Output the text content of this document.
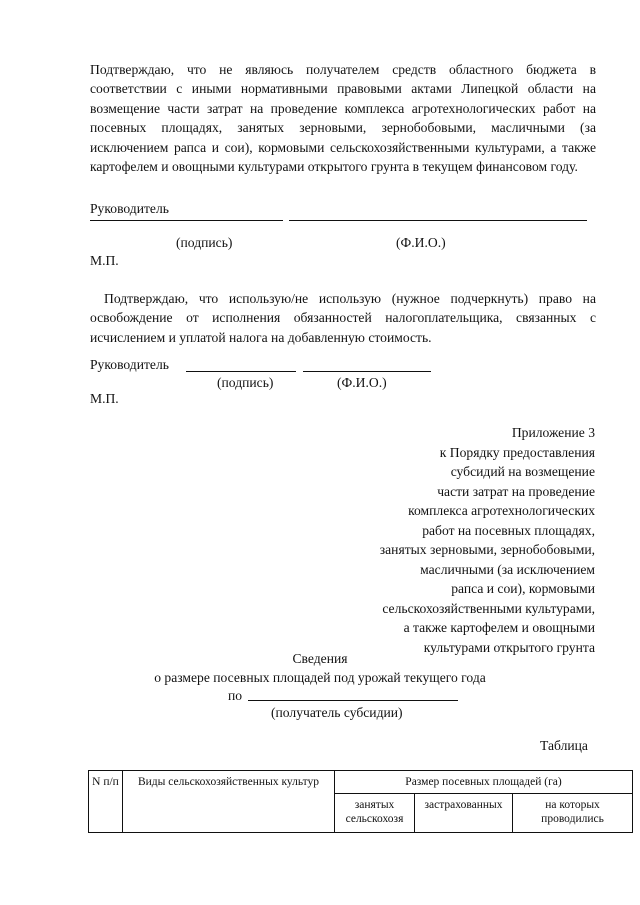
Подтверждаю, что не являюсь получателем средств областного бюджета в соответствии с иными нормативными правовыми актами Липецкой области на возмещение части затрат на проведение комплекса агротехнологических работ на посевных площадях, занятых зерновыми, зернобобовыми, масличными (за исключением рапса и сои), кормовыми сельскохозяйственными культурами, а также картофелем и овощными культурами открытого грунта в текущем финансовом году.

Руководитель
(подпись)	(Ф.И.О.)
М.П.

Подтверждаю, что использую/не использую (нужное подчеркнуть) право на освобождение от исполнения обязанностей налогоплательщика, связанных с исчислением и уплатой налога на добавленную стоимость.

Руководитель
(подпись)	(Ф.И.О.)
М.П.
Приложение 3
к Порядку предоставления
субсидий на возмещение
части затрат на проведение
комплекса агротехнологических
работ на посевных площадях,
занятых зерновыми, зернобобовыми,
масличными (за исключением
рапса и сои), кормовыми
сельскохозяйственными культурами,
а также картофелем и овощными
культурами открытого грунта
Сведения
о размере посевных площадей под урожай текущего года
по
(получатель субсидии)
Таблица
N п/п	Виды сельскохозяйственных культур	Размер посевных площадей (га)		
		занятых сельскохозя	застрахованных	на которых проводились
